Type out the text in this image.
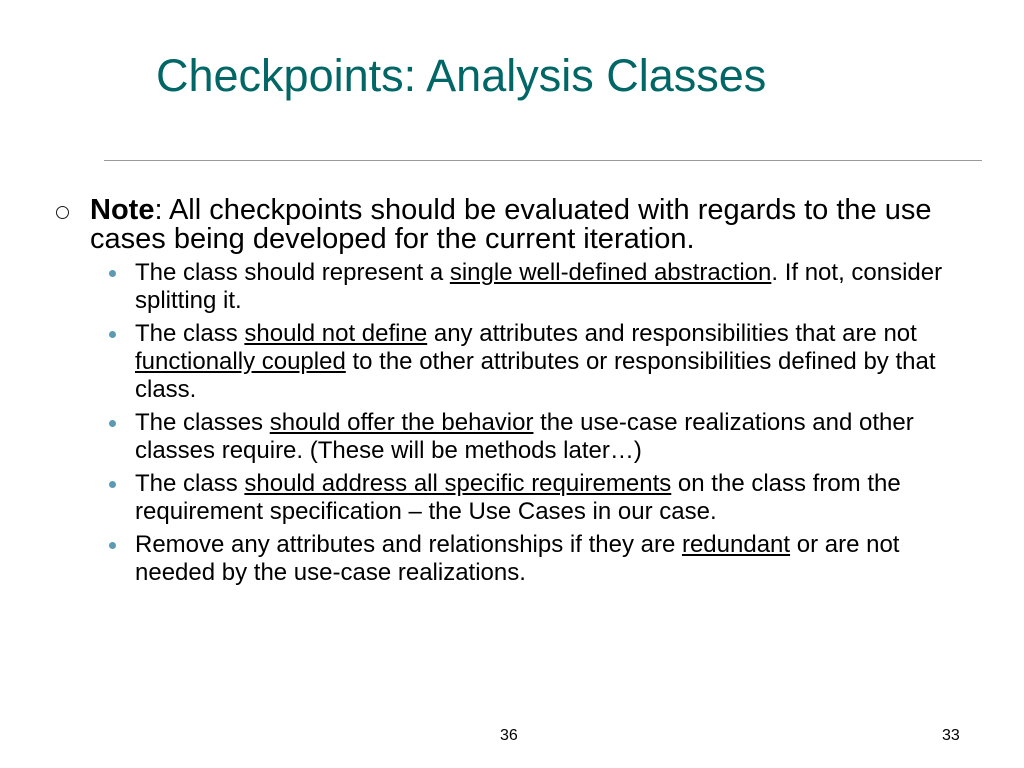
Checkpoints: Analysis Classes
Note: All checkpoints should be evaluated with regards to the use cases being developed for the current iteration.
The class should represent a single well-defined abstraction. If not, consider splitting it.
The class should not define any attributes and responsibilities that are not functionally coupled to the other attributes or responsibilities defined by that class.
The classes should offer the behavior the use-case realizations and other classes require. (These will be methods later…)
The class should address all specific requirements on the class from the requirement specification – the Use Cases in our case.
Remove any attributes and relationships if they are redundant or are not needed by the use-case realizations.
36	33
